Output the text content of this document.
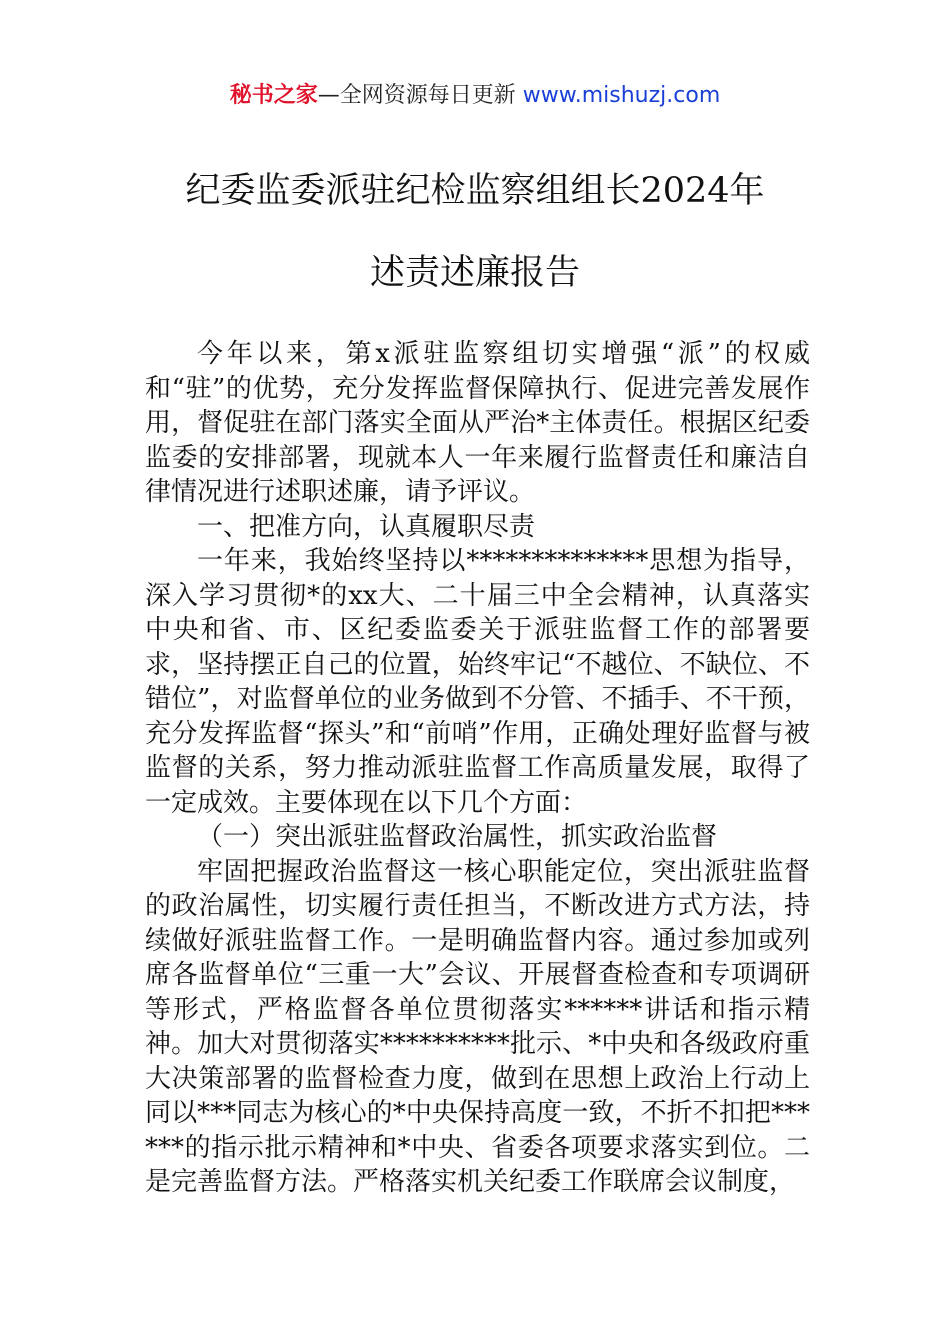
秘书之家—全网资源每日更新 www.mishuzj.com
纪委监委派驻纪检监察组组长2024年
述责述廉报告

今年以来，第x派驻监察组切实增强“派”的权威和“驻”的优势，充分发挥监督保障执行、促进完善发展作用，督促驻在部门落实全面从严治*主体责任。根据区纪委监委的安排部署，现就本人一年来履行监督责任和廉洁自律情况进行述职述廉，请予评议。

一、把准方向，认真履职尽责

一年来，我始终坚持以**************思想为指导，深入学习贯彻*的xx大、二十届三中全会精神，认真落实中央和省、市、区纪委监委关于派驻监督工作的部署要求，坚持摆正自己的位置，始终牢记“不越位、不缺位、不错位”，对监督单位的业务做到不分管、不插手、不干预，充分发挥监督“探头”和“前哨”作用，正确处理好监督与被监督的关系，努力推动派驻监督工作高质量发展，取得了一定成效。主要体现在以下几个方面：

（一）突出派驻监督政治属性，抓实政治监督

牢固把握政治监督这一核心职能定位，突出派驻监督的政治属性，切实履行责任担当，不断改进方式方法，持续做好派驻监督工作。一是明确监督内容。通过参加或列席各监督单位“三重一大”会议、开展督查检查和专项调研等形式，严格监督各单位贯彻落实******讲话和指示精神。加大对贯彻落实**********批示、*中央和各级政府重大决策部署的监督检查力度，做到在思想上政治上行动上同以***同志为核心的*中央保持高度一致，不折不扣把******的指示批示精神和*中央、省委各项要求落实到位。二是完善监督方法。严格落实机关纪委工作联席会议制度，
